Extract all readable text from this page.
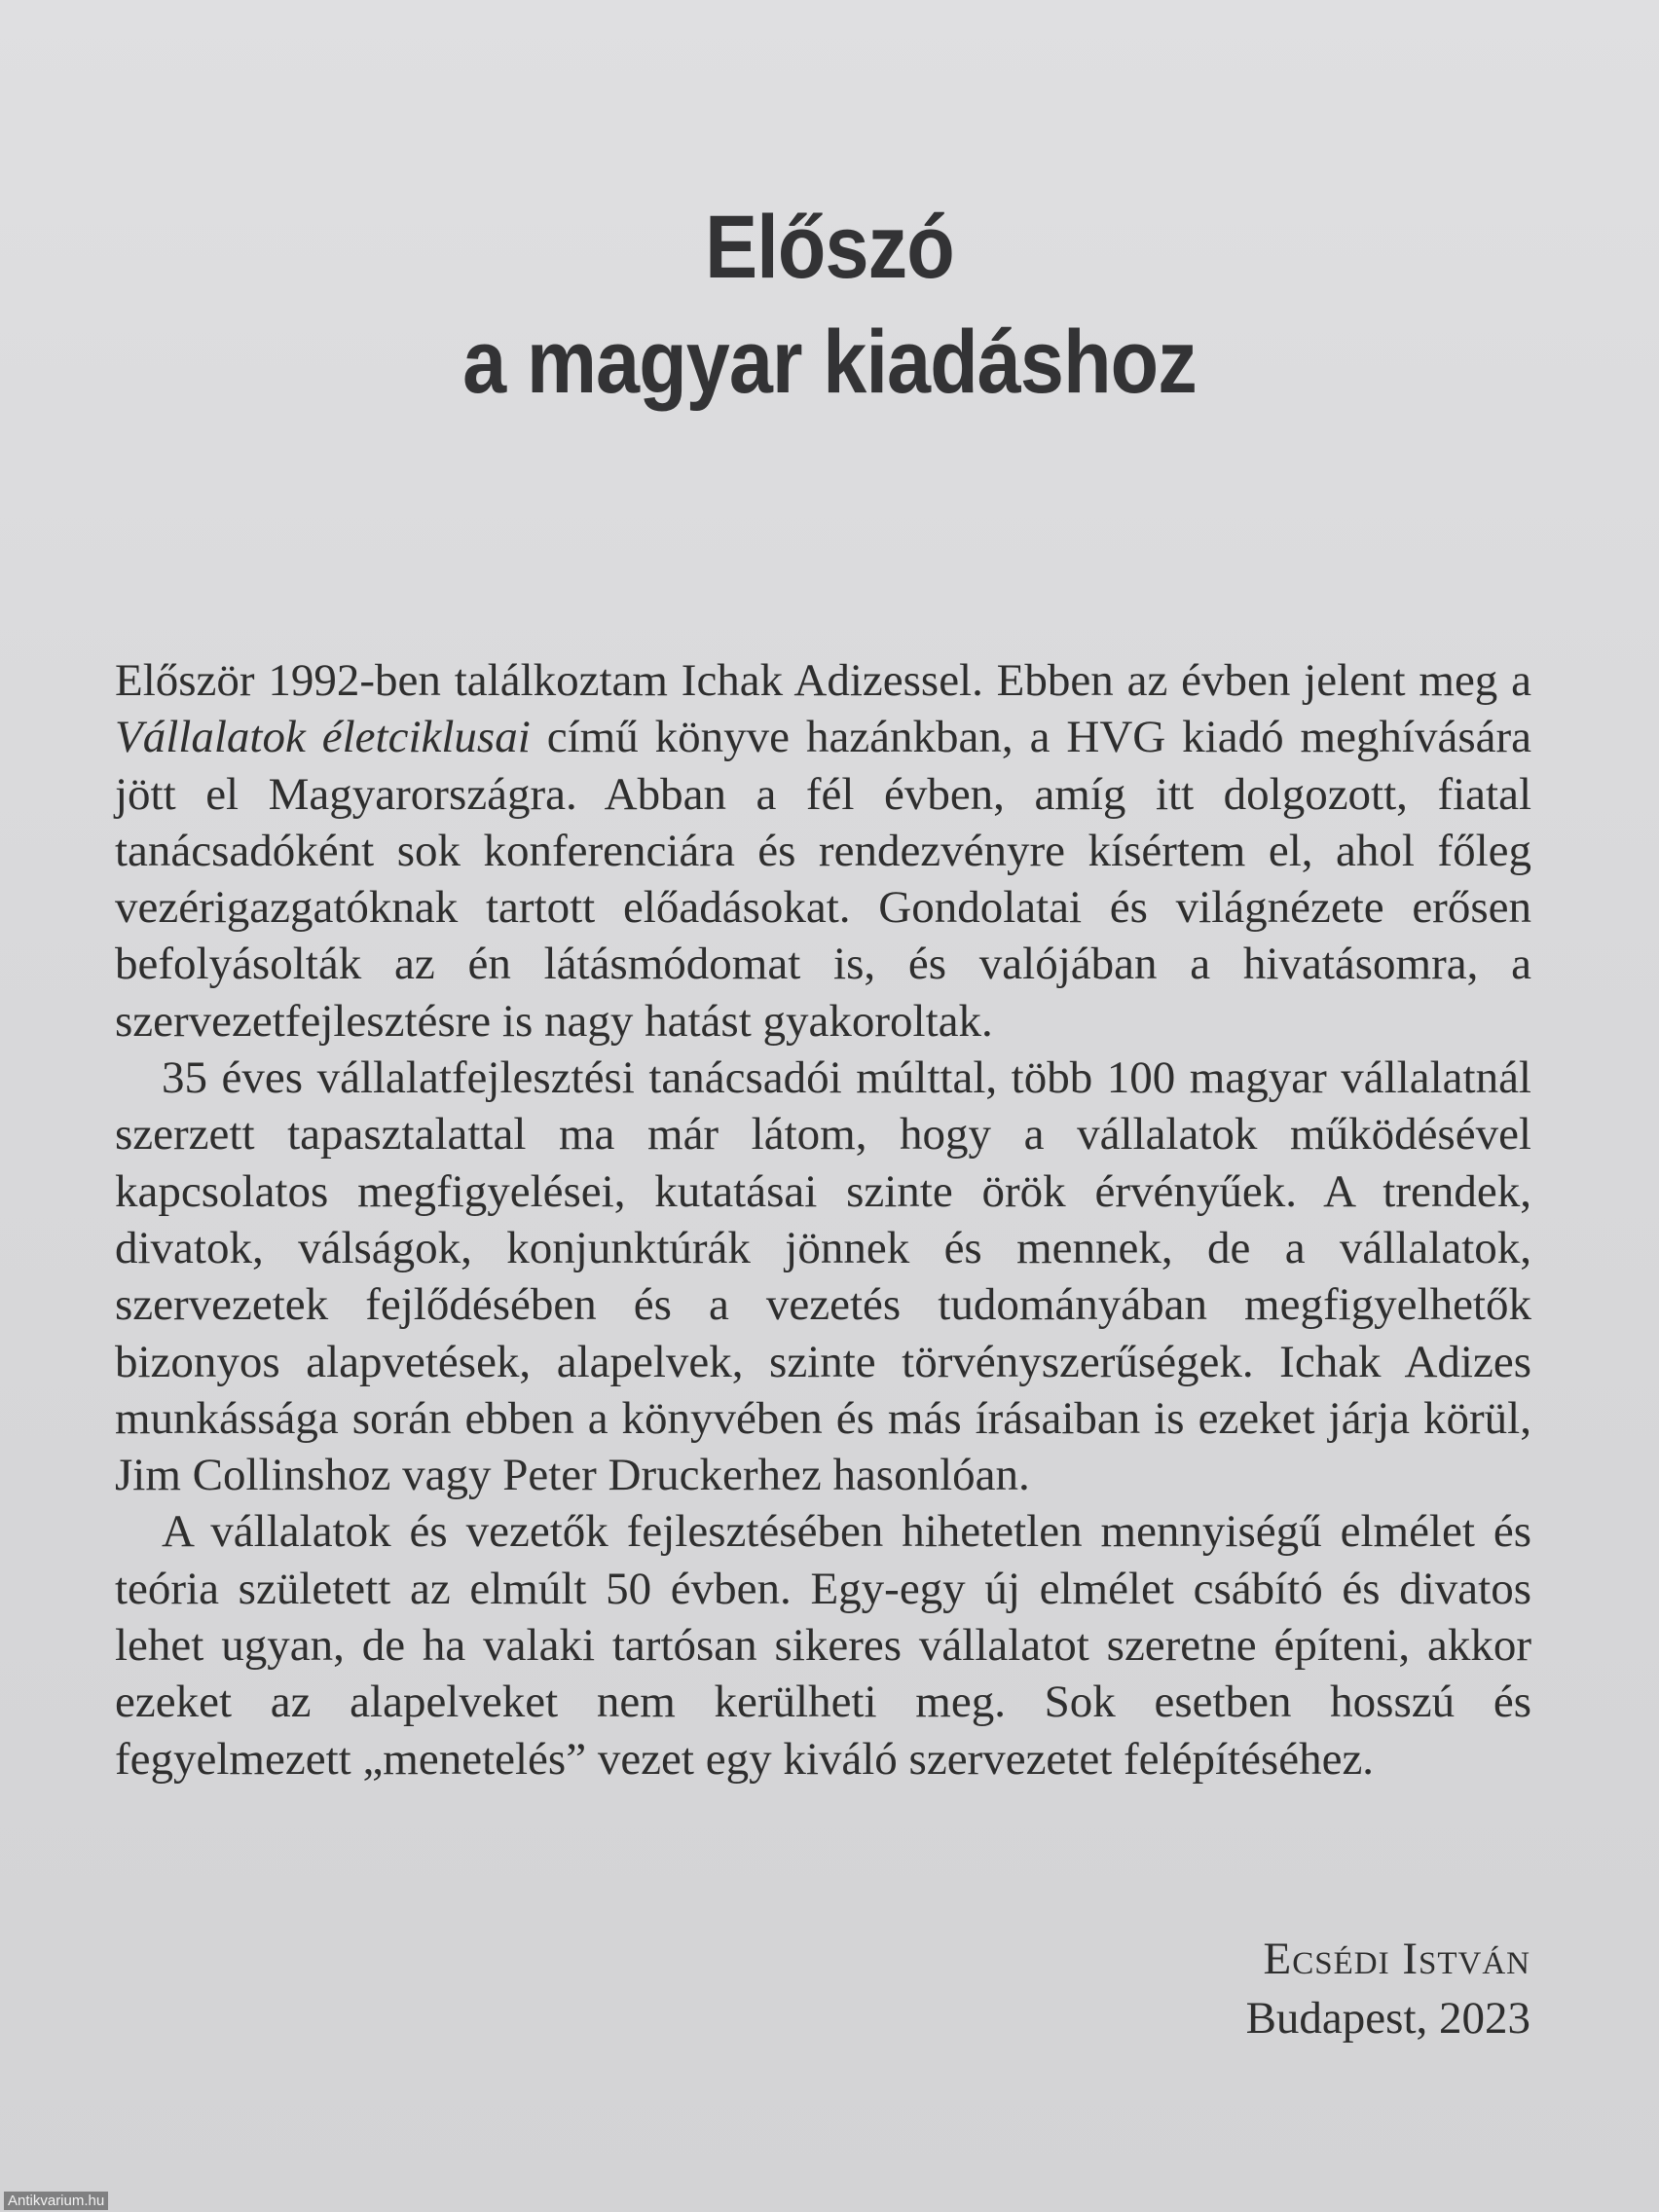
Előszó
a magyar kiadáshoz

Először 1992-ben találkoztam Ichak Adizessel. Ebben az évben jelent meg a Vállalatok életciklusai című könyve hazánkban, a HVG kiadó meghívására jött el Magyarországra. Abban a fél évben, amíg itt dolgozott, fiatal tanácsadóként sok konferenciára és rendezvényre kísértem el, ahol főleg vezérigazgatóknak tartott előadásokat. Gondolatai és világnézete erősen befolyásolták az én látásmódomat is, és valójában a hivatásomra, a szervezetfejlesztésre is nagy hatást gyakoroltak.

35 éves vállalatfejlesztési tanácsadói múlttal, több 100 magyar vállalatnál szerzett tapasztalattal ma már látom, hogy a vállalatok működésével kapcsolatos megfigyelései, kutatásai szinte örök érvényűek. A trendek, divatok, válságok, konjunktúrák jönnek és mennek, de a vállalatok, szervezetek fejlődésében és a vezetés tudományában megfigyelhetők bizonyos alapvetések, alapelvek, szinte törvényszerűségek. Ichak Adizes munkássága során ebben a könyvében és más írásaiban is ezeket járja körül, Jim Collinshoz vagy Peter Druckerhez hasonlóan.

A vállalatok és vezetők fejlesztésében hihetetlen mennyiségű elmélet és teória született az elmúlt 50 évben. Egy-egy új elmélet csábító és divatos lehet ugyan, de ha valaki tartósan sikeres vállalatot szeretne építeni, akkor ezeket az alapelveket nem kerülheti meg. Sok esetben hosszú és fegyelmezett „menetelés” vezet egy kiváló szervezetet felépítéséhez.

Ecsédi István
Budapest, 2023
Antikvarium.hu
